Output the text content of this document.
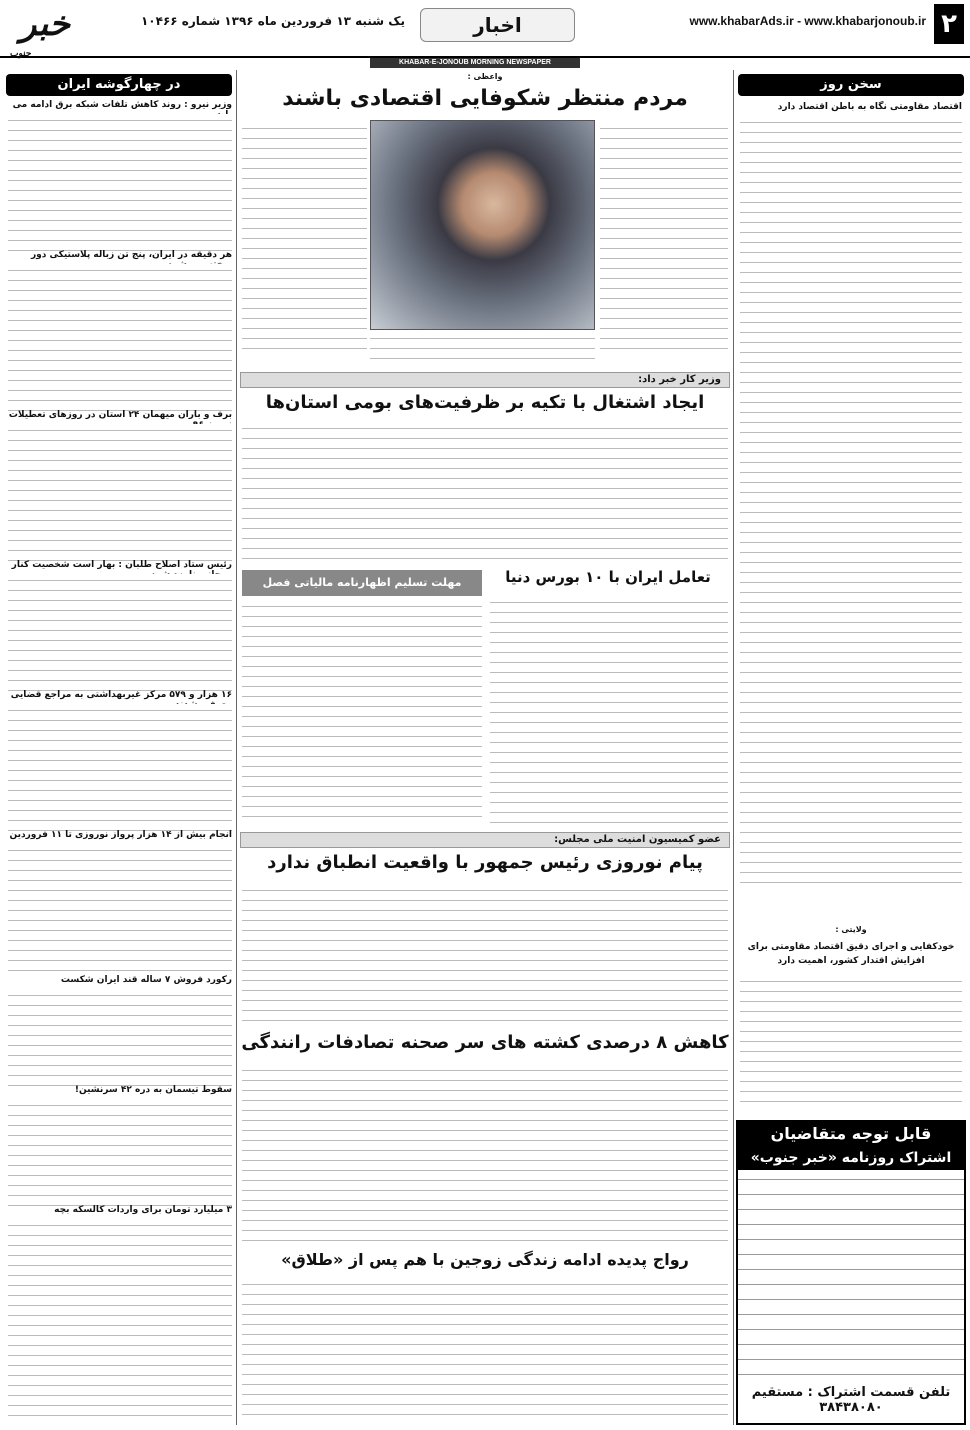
۲
www.khabarAds.ir - www.khabarjonoub.ir
اخبار
یک شنبه ۱۳ فروردین ماه ۱۳۹۶ شماره ۱۰۴۶۶
خبر
جنوب
KHABAR-E-JONOUB MORNING NEWSPAPER
سخن روز
اقتصاد مقاومتی نگاه به باطن اقتصاد دارد
ولایتی :
خودکفایی و اجرای دقیق اقتصاد مقاومتی برای افزایش اقتدار کشور، اهمیت دارد
قابل توجه متقاضیان
اشتراک روزنامه «خبر جنوب»
تلفن قسمت اشتراک : مستقیم ۳۸۴۳۸۰۸۰
در چهارگوشه ایران
وزیر نیرو : روند کاهش تلفات شبکه برق ادامه می
هر دقیقه در ایران، پنج تن زباله پلاستیکی دور
برف و باران میهمان ۲۴ استان در روزهای تعطیلات
رئیس ستاد اصلاح طلبان : بهار است شخصیت کنار
۱۶ هزار و ۵۷۹ مرکز غیربهداشتی به مراجع قضایی
انجام بیش از ۱۴ هزار پرواز نوروزی تا ۱۱ فروردین
رکورد فروش ۷ ساله قند ایران شکست
سقوط تیسمان به دره ۴۲ سرنشین!
۳ میلیارد تومان برای واردات کالسکه بچه
واعظی :
مردم منتظر شکوفایی اقتصادی باشند
وزیر کار خبر داد:
ایجاد اشتغال با تکیه بر ظرفیت‌های بومی استان‌ها
تعامل ایران با ۱۰ بورس دنیا
مهلت تسلیم اظهارنامه مالیاتی فصل
عضو کمیسیون امنیت ملی مجلس:
پیام نوروزی رئیس جمهور با واقعیت انطباق ندارد
کاهش ۸ درصدی کشته های سر صحنه تصادفات رانندگی
رواج پدیده ادامه زندگی زوجین با هم پس از «طلاق»
